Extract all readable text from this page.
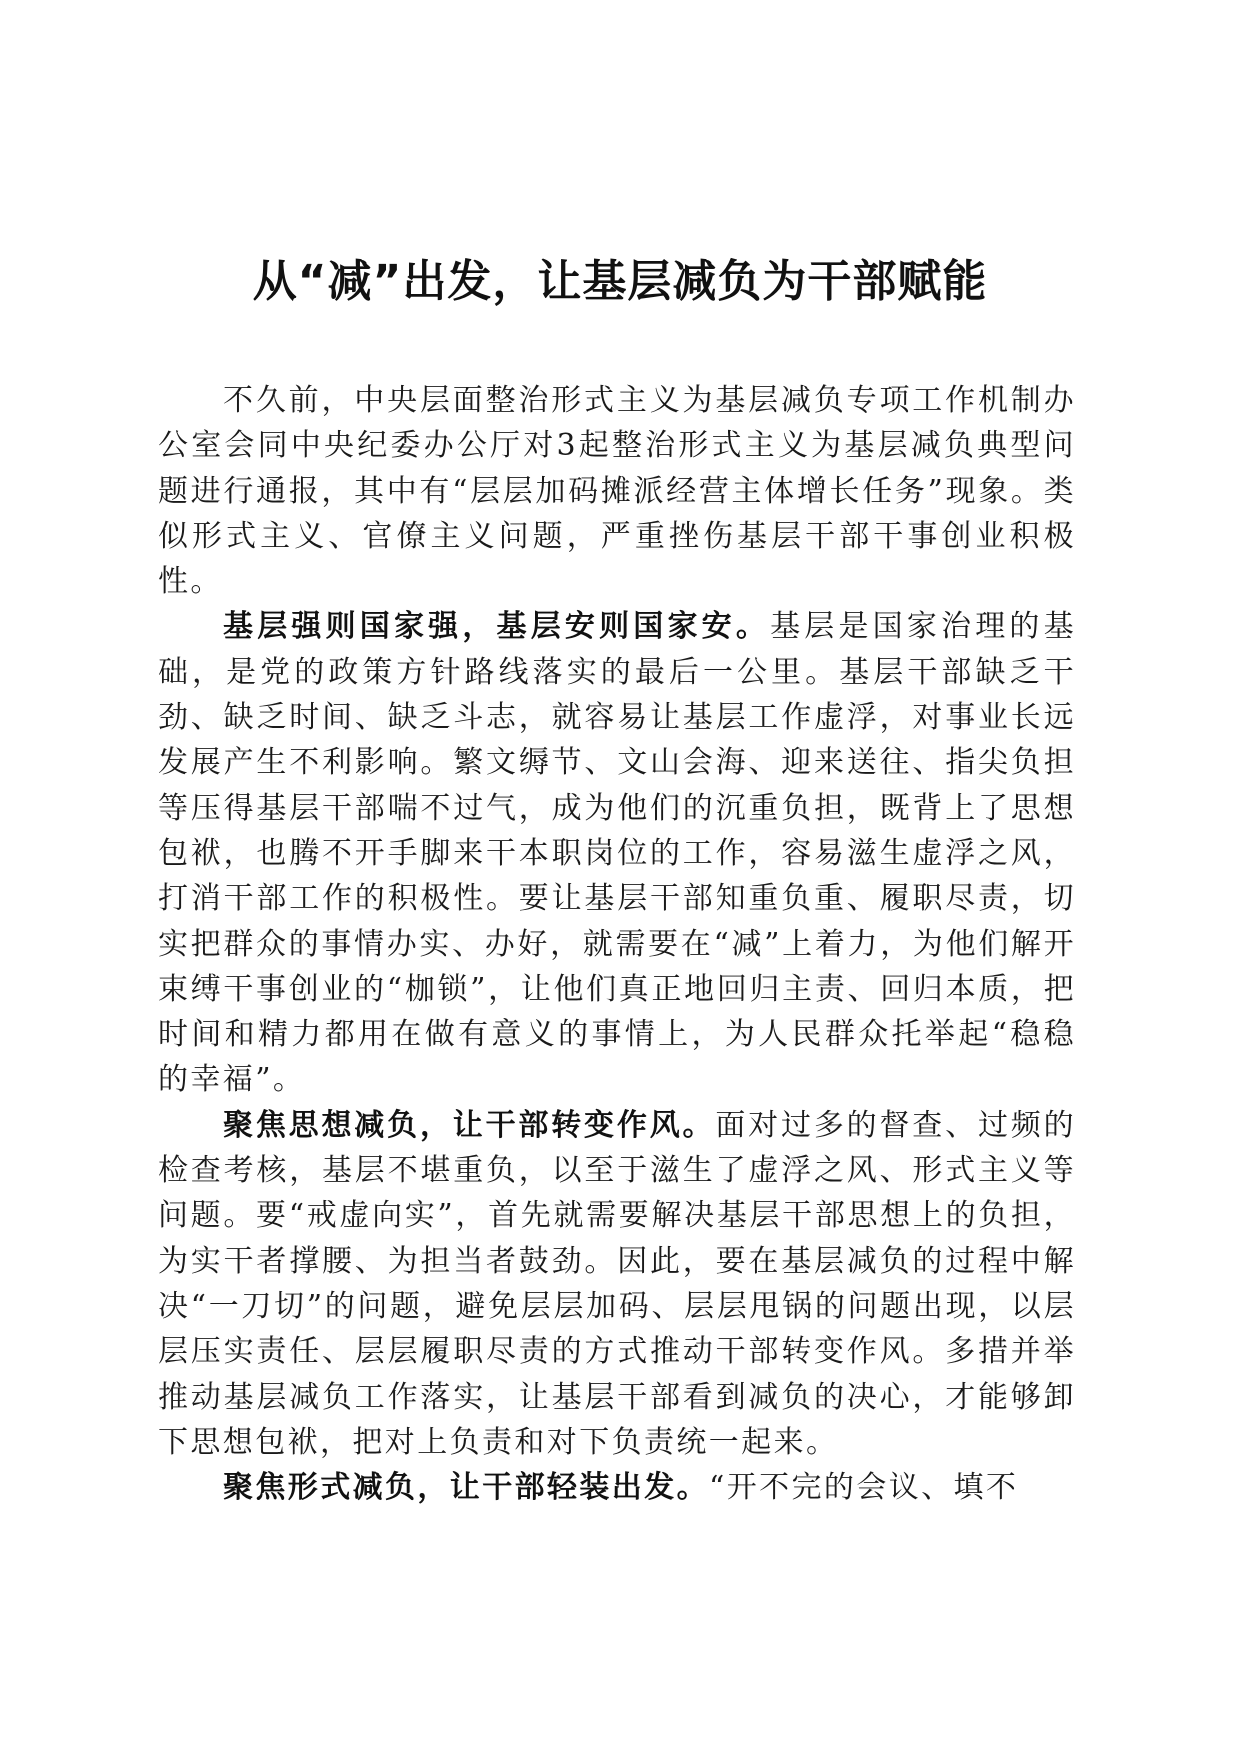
从“减”出发，让基层减负为干部赋能

不久前，中央层面整治形式主义为基层减负专项工作机制办公室会同中央纪委办公厅对3起整治形式主义为基层减负典型问题进行通报，其中有“层层加码摊派经营主体增长任务”现象。类似形式主义、官僚主义问题，严重挫伤基层干部干事创业积极性。

基层强则国家强，基层安则国家安。基层是国家治理的基础，是党的政策方针路线落实的最后一公里。基层干部缺乏干劲、缺乏时间、缺乏斗志，就容易让基层工作虚浮，对事业长远发展产生不利影响。繁文缛节、文山会海、迎来送往、指尖负担等压得基层干部喘不过气，成为他们的沉重负担，既背上了思想包袱，也腾不开手脚来干本职岗位的工作，容易滋生虚浮之风，打消干部工作的积极性。要让基层干部知重负重、履职尽责，切实把群众的事情办实、办好，就需要在“减”上着力，为他们解开束缚干事创业的“枷锁”，让他们真正地回归主责、回归本质，把时间和精力都用在做有意义的事情上，为人民群众托举起“稳稳的幸福”。

聚焦思想减负，让干部转变作风。面对过多的督查、过频的检查考核，基层不堪重负，以至于滋生了虚浮之风、形式主义等问题。要“戒虚向实”，首先就需要解决基层干部思想上的负担，为实干者撑腰、为担当者鼓劲。因此，要在基层减负的过程中解决“一刀切”的问题，避免层层加码、层层甩锅的问题出现，以层层压实责任、层层履职尽责的方式推动干部转变作风。多措并举推动基层减负工作落实，让基层干部看到减负的决心，才能够卸下思想包袱，把对上负责和对下负责统一起来。

聚焦形式减负，让干部轻装出发。“开不完的会议、填不
